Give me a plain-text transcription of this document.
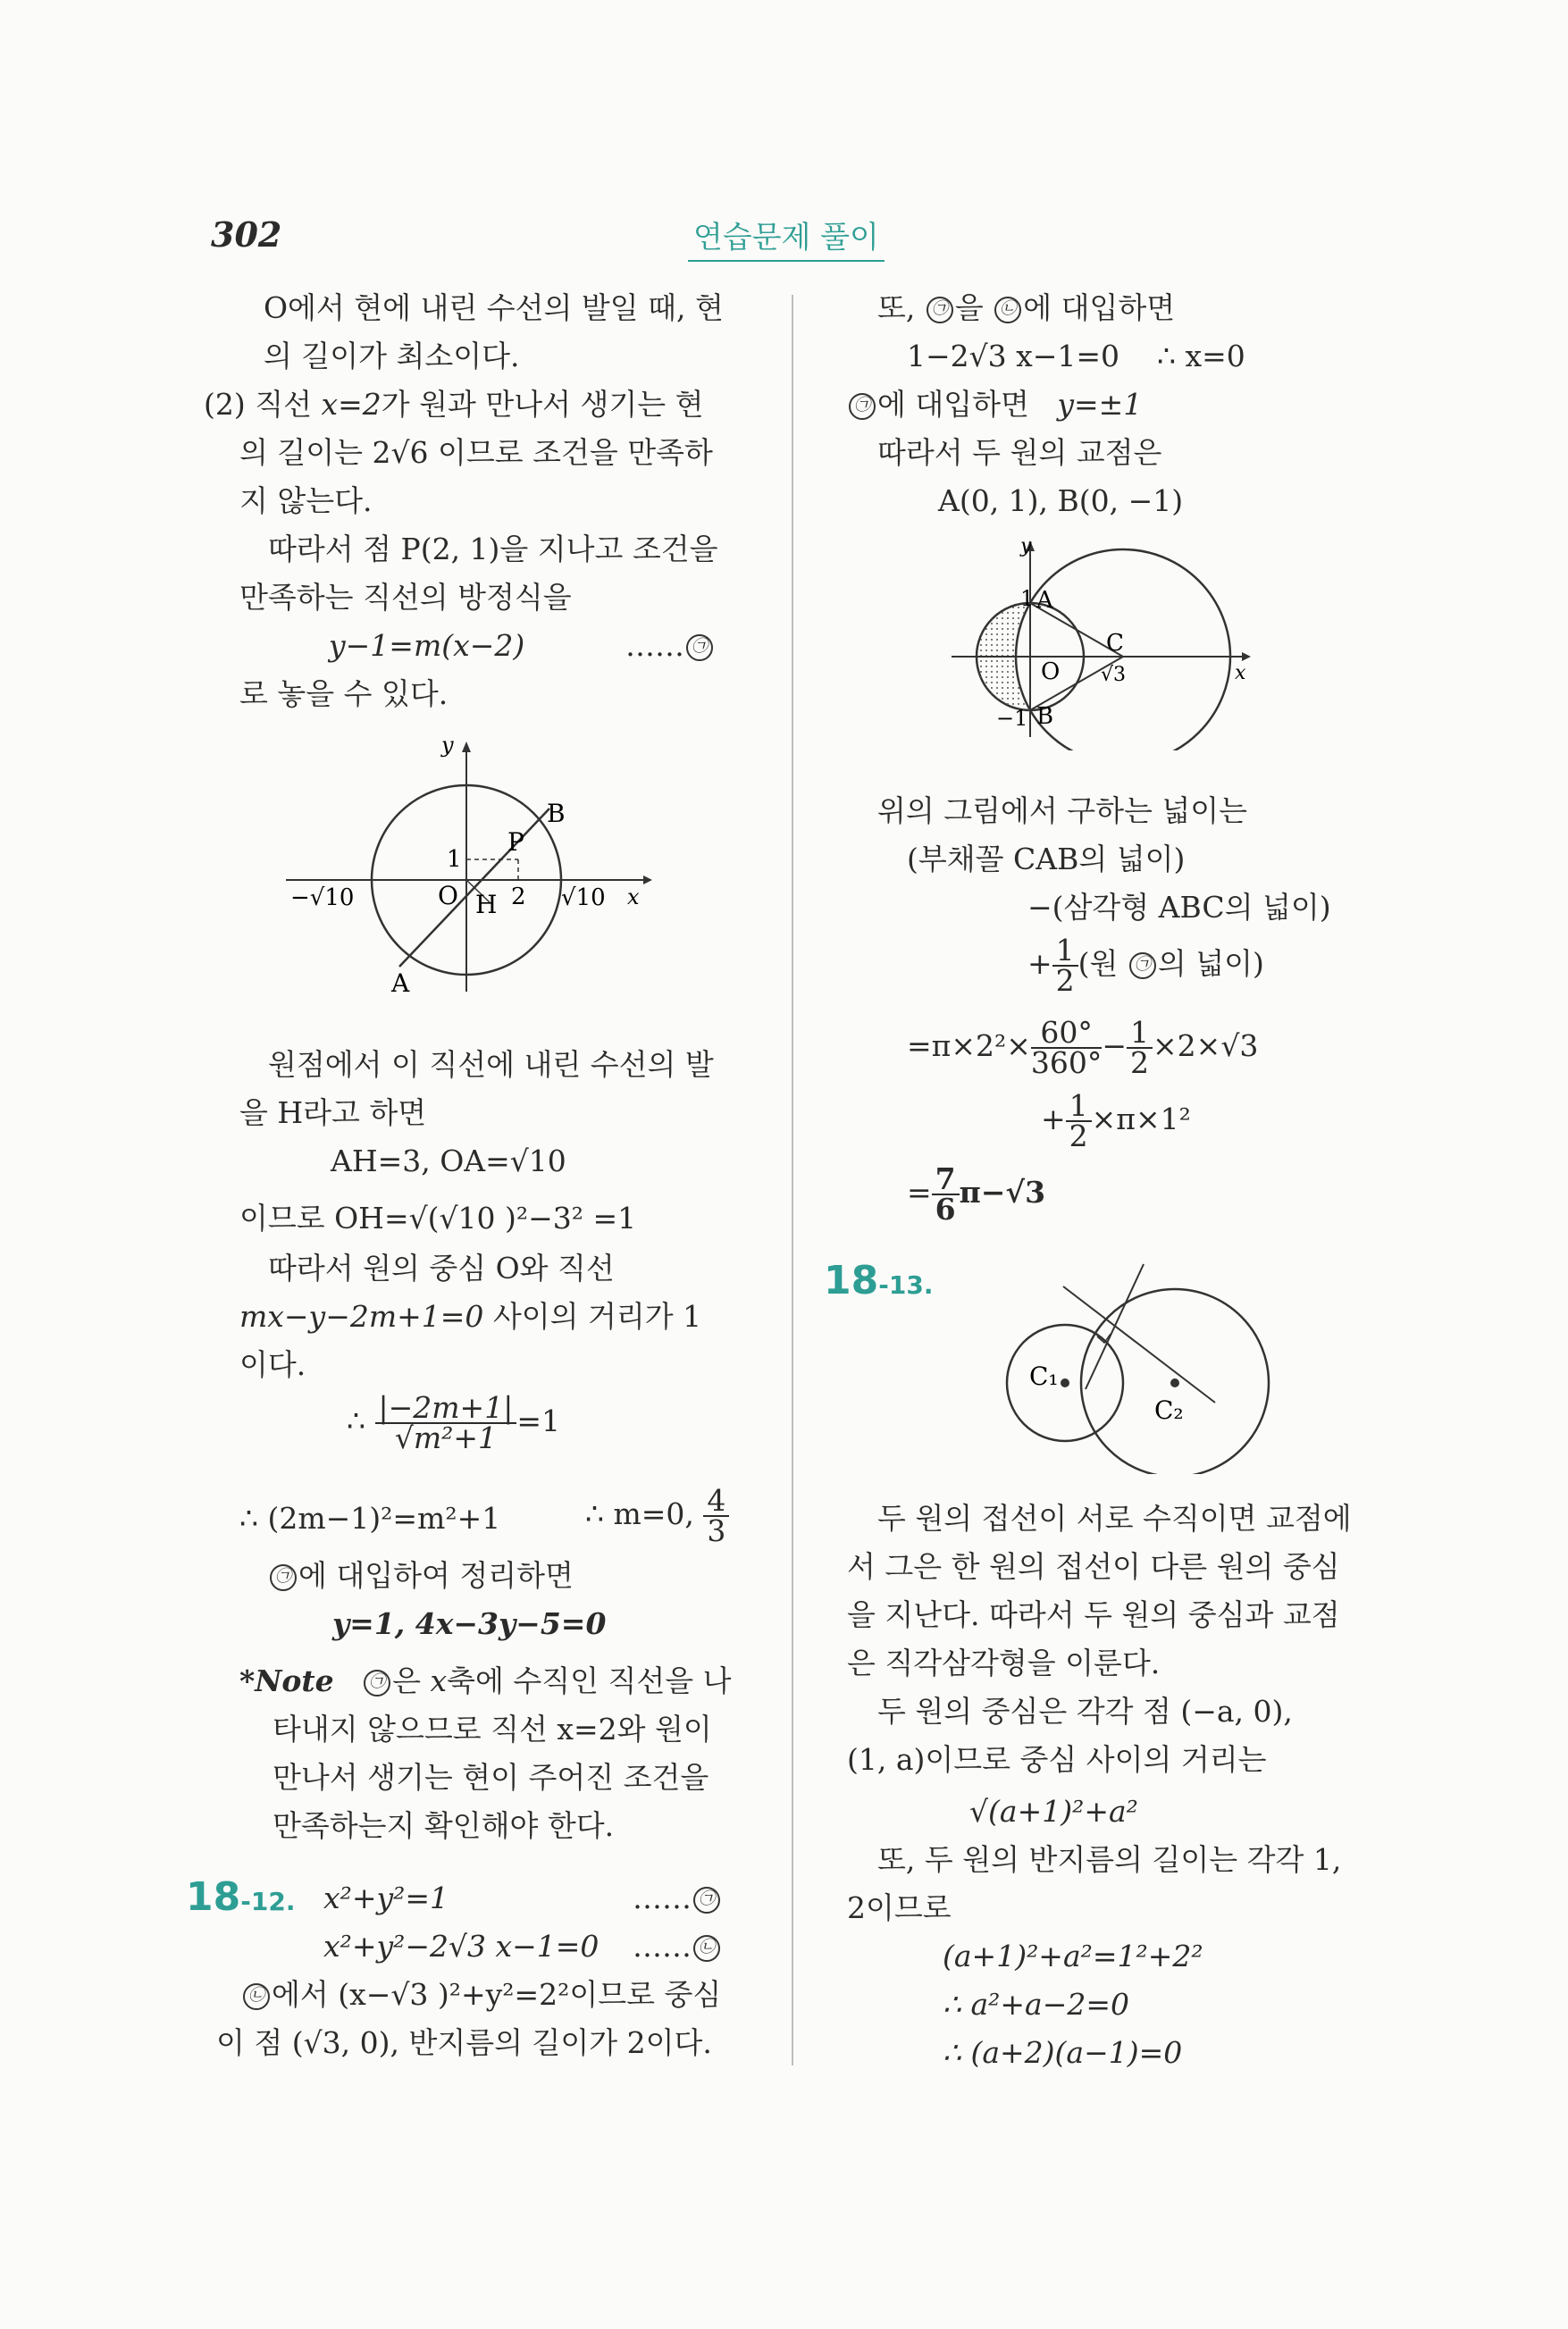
302	연습문제 풀이
O에서 현에 내린 수선의 발일 때, 현
의 길이가 최소이다.
(2) 직선 x=2가 원과 만나서 생기는 현
의 길이는 2√6 이므로 조건을 만족하
지 않는다.
따라서 점 P(2, 1)을 지나고 조건을
만족하는 직선의 방정식을
y−1=m(x−2)	…… ㉠
로 놓을 수 있다.
y
x
B
P
1
O H 2
−√10	√10
A
원점에서 이 직선에 내린 수선의 발
을 H라고 하면
AH=3, OA=√10
이므로 OH=√(√10 )²−3² =1
따라서 원의 중심 O와 직선
mx−y−2m+1=0 사이의 거리가 1
이다.
∴ $\frac{|-2m+1|}{\text{√m²+1}} =1$
∴ (2m−1)²=m²+1	∴ m=0, $\frac{4}{3}$
㉠ 에 대입하여 정리하면
y=1, 4x−3y−5=0
*Note ㉠ 은 x축에 수직인 직선을 나
타내지 않으므로 직선 x=2와 원이
만나서 생기는 현이 주어진 조건을
만족하는지 확인해야 한다.
18-12. x²+y²=1	…… ㉠
x²+y²−2√3 x−1=0 …… ㉡
㉡ 에서 (x−√3 )²+y²=2²이므로 중심
이 점 (√3, 0), 반지름의 길이가 2이다.
또, ㉠ 을 ㉡ 에 대입하면
1−2√3 x−1=0    ∴ x=0
㉠ 에 대입하면 y=±1
따라서 두 원의 교점은
A(0, 1), B(0, −1)
y
1 A
C
O √3	x
−1 B
위의 그림에서 구하는 넓이는
(부채꼴 CAB의 넓이)
−(삼각형 ABC의 넓이)
+ $\frac{1}{2}$ (원 ㉠ 의 넓이)
$=\pi\times 2^2\times \frac{60^\circ}{360^\circ} - \frac{1}{2} \times 2\times√3$
+ $\frac{1}{2} \times\pi\times 1^2$
= $\frac{7}{6} \pi-√3$
18-13.
C₁
C₂
두 원의 접선이 서로 수직이면 교점에
서 그은 한 원의 접선이 다른 원의 중심
을 지난다. 따라서 두 원의 중심과 교점
은 직각삼각형을 이룬다.
두 원의 중심은 각각 점 (−a, 0),
(1, a)이므로 중심 사이의 거리는
√(a+1)²+a²
또, 두 원의 반지름의 길이는 각각 1,
2이므로
(a+1)²+a²=1²+2²
∴ a²+a−2=0
∴ (a+2)(a−1)=0
